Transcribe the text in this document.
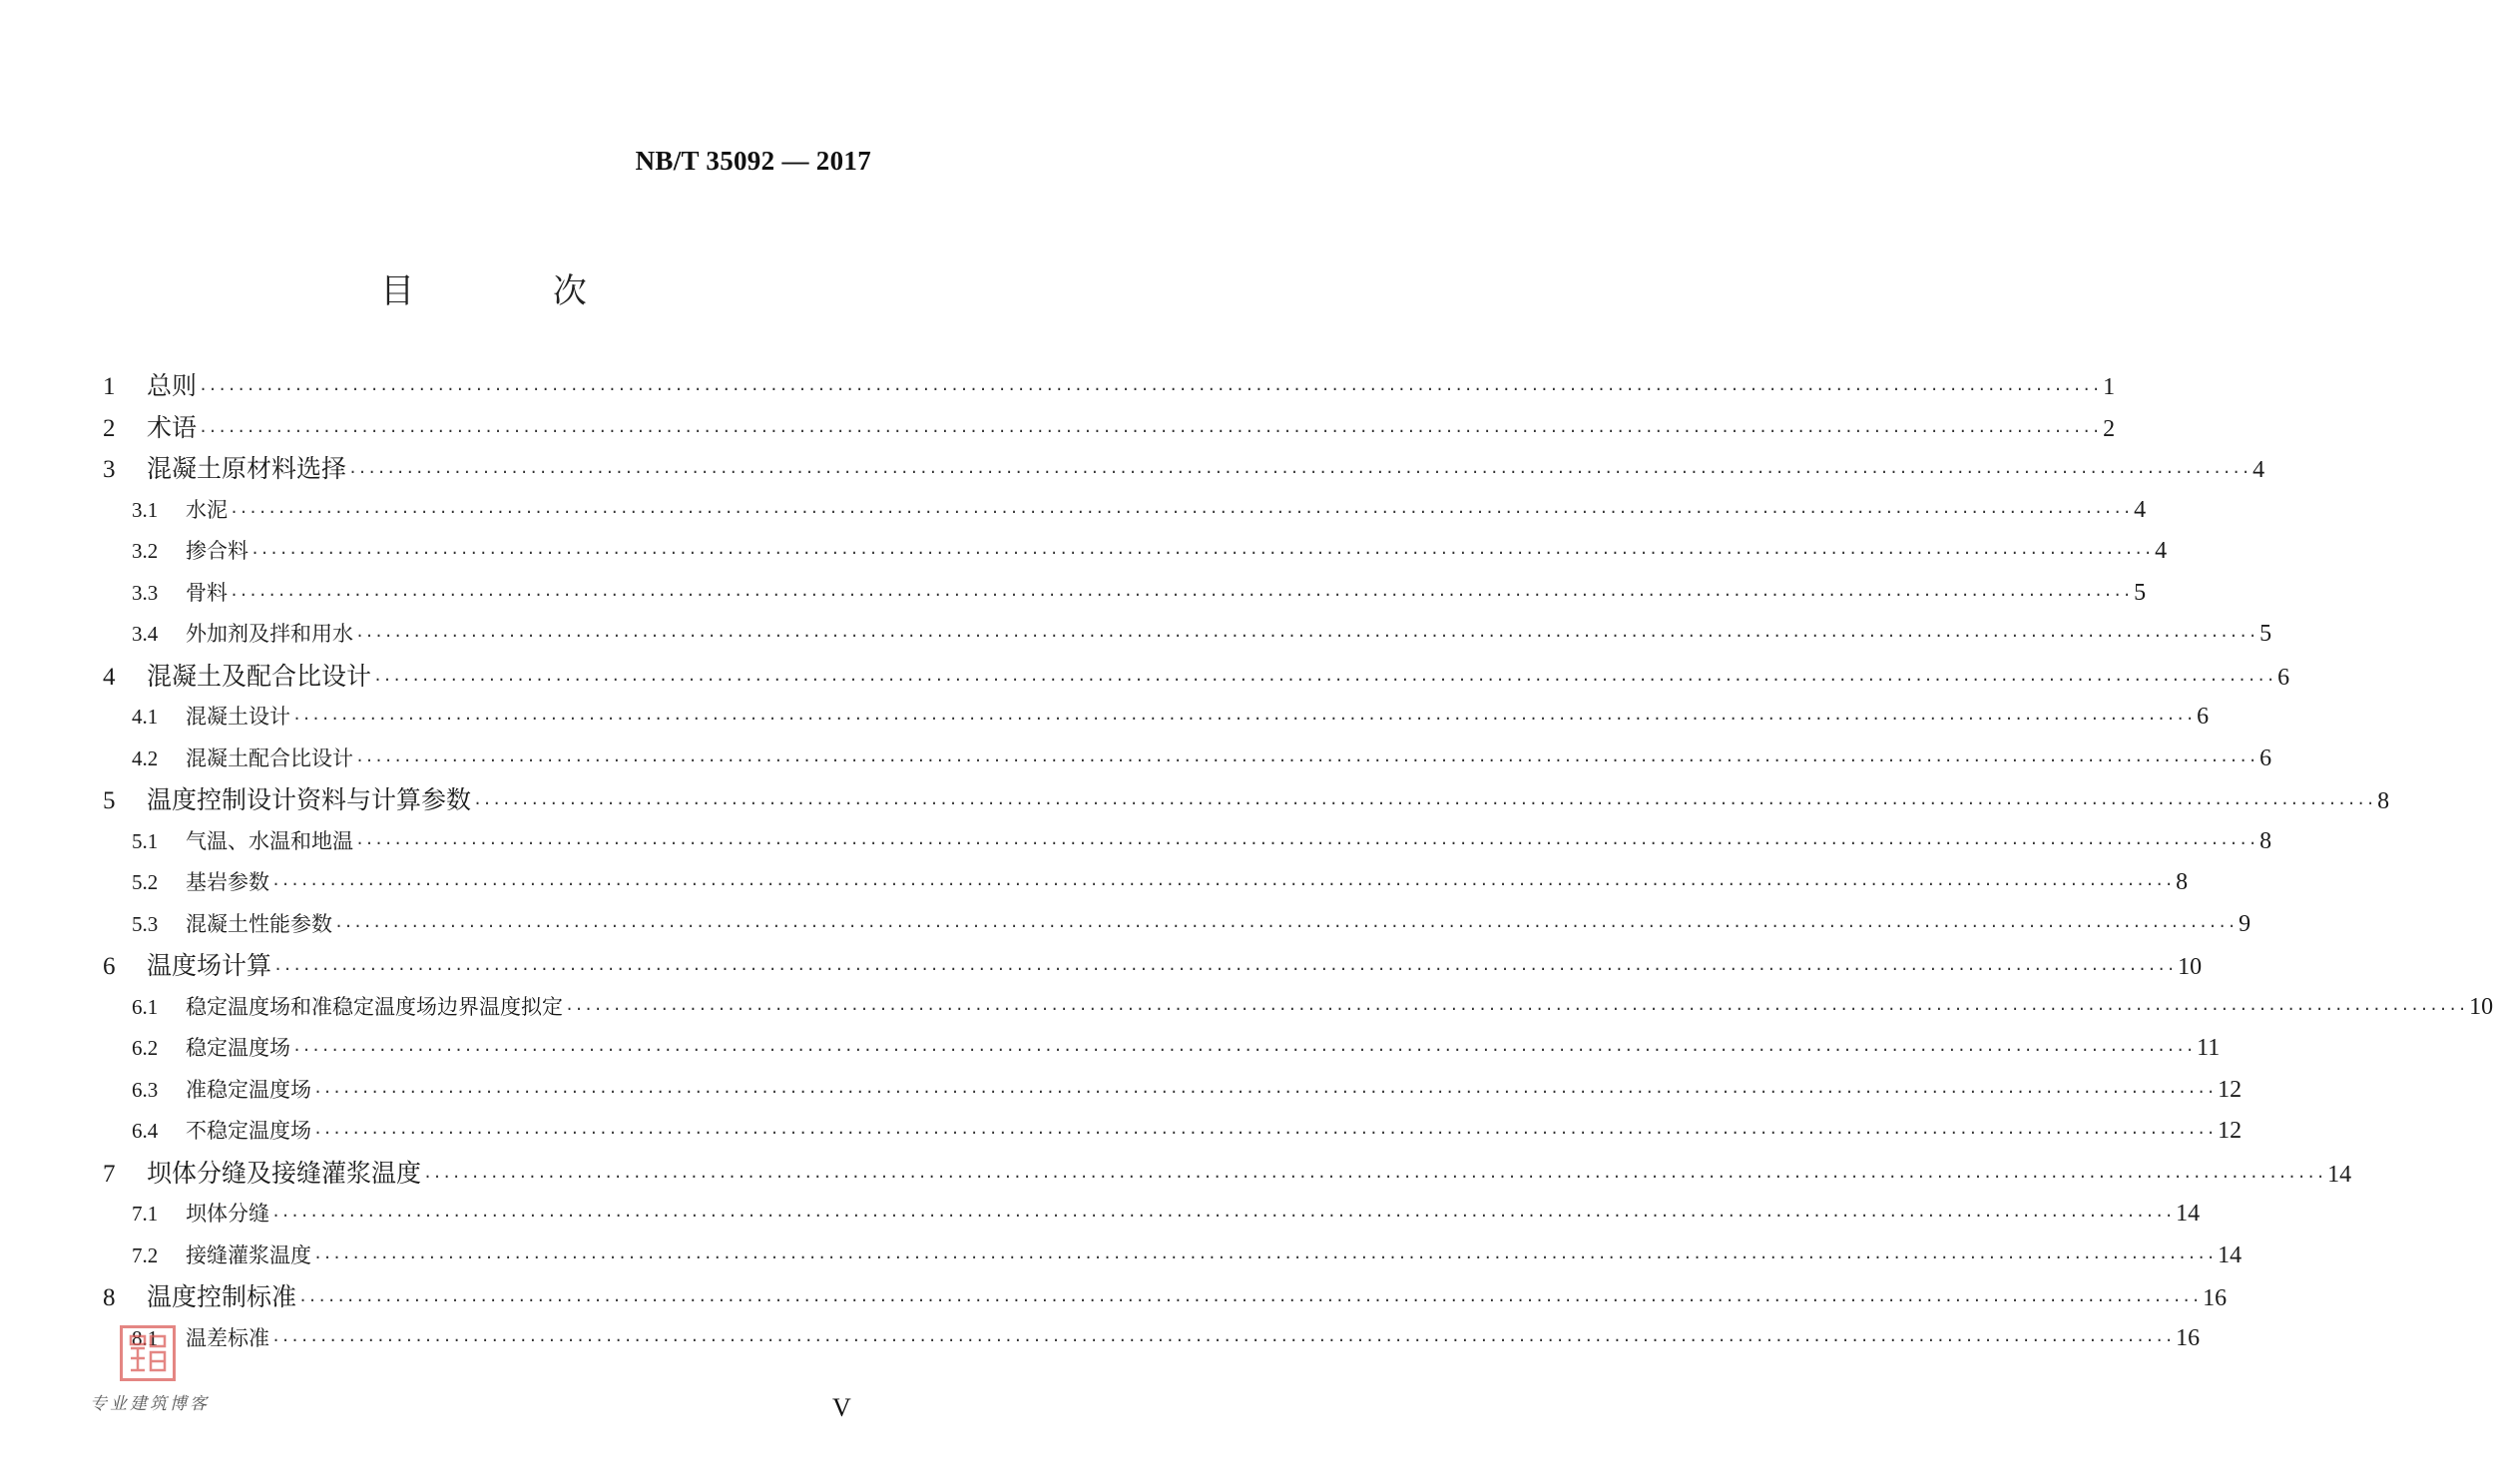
NB/T 35092 — 2017
目 次
1	总则 ········································································································································································································ 1
2	术语 ········································································································································································································ 2
3	混凝土原材料选择 ········································································································································································································ 4
3.1	水泥 ········································································································································································································ 4
3.2	掺合料 ········································································································································································································ 4
3.3	骨料 ········································································································································································································ 5
3.4	外加剂及拌和用水 ········································································································································································································ 5
4	混凝土及配合比设计 ········································································································································································································ 6
4.1	混凝土设计 ········································································································································································································ 6
4.2	混凝土配合比设计 ········································································································································································································ 6
5	温度控制设计资料与计算参数 ········································································································································································································ 8
5.1	气温、水温和地温 ········································································································································································································ 8
5.2	基岩参数 ········································································································································································································ 8
5.3	混凝土性能参数 ········································································································································································································ 9
6	温度场计算 ········································································································································································································ 10
6.1	稳定温度场和准稳定温度场边界温度拟定 ········································································································································································································ 10
6.2	稳定温度场 ········································································································································································································ 11
6.3	准稳定温度场 ········································································································································································································ 12
6.4	不稳定温度场 ········································································································································································································ 12
7	坝体分缝及接缝灌浆温度 ········································································································································································································ 14
7.1	坝体分缝 ········································································································································································································ 14
7.2	接缝灌浆温度 ········································································································································································································ 14
8	温度控制标准 ········································································································································································································ 16
8.1	温差标准 ········································································································································································································ 16
专业建筑博客	V
